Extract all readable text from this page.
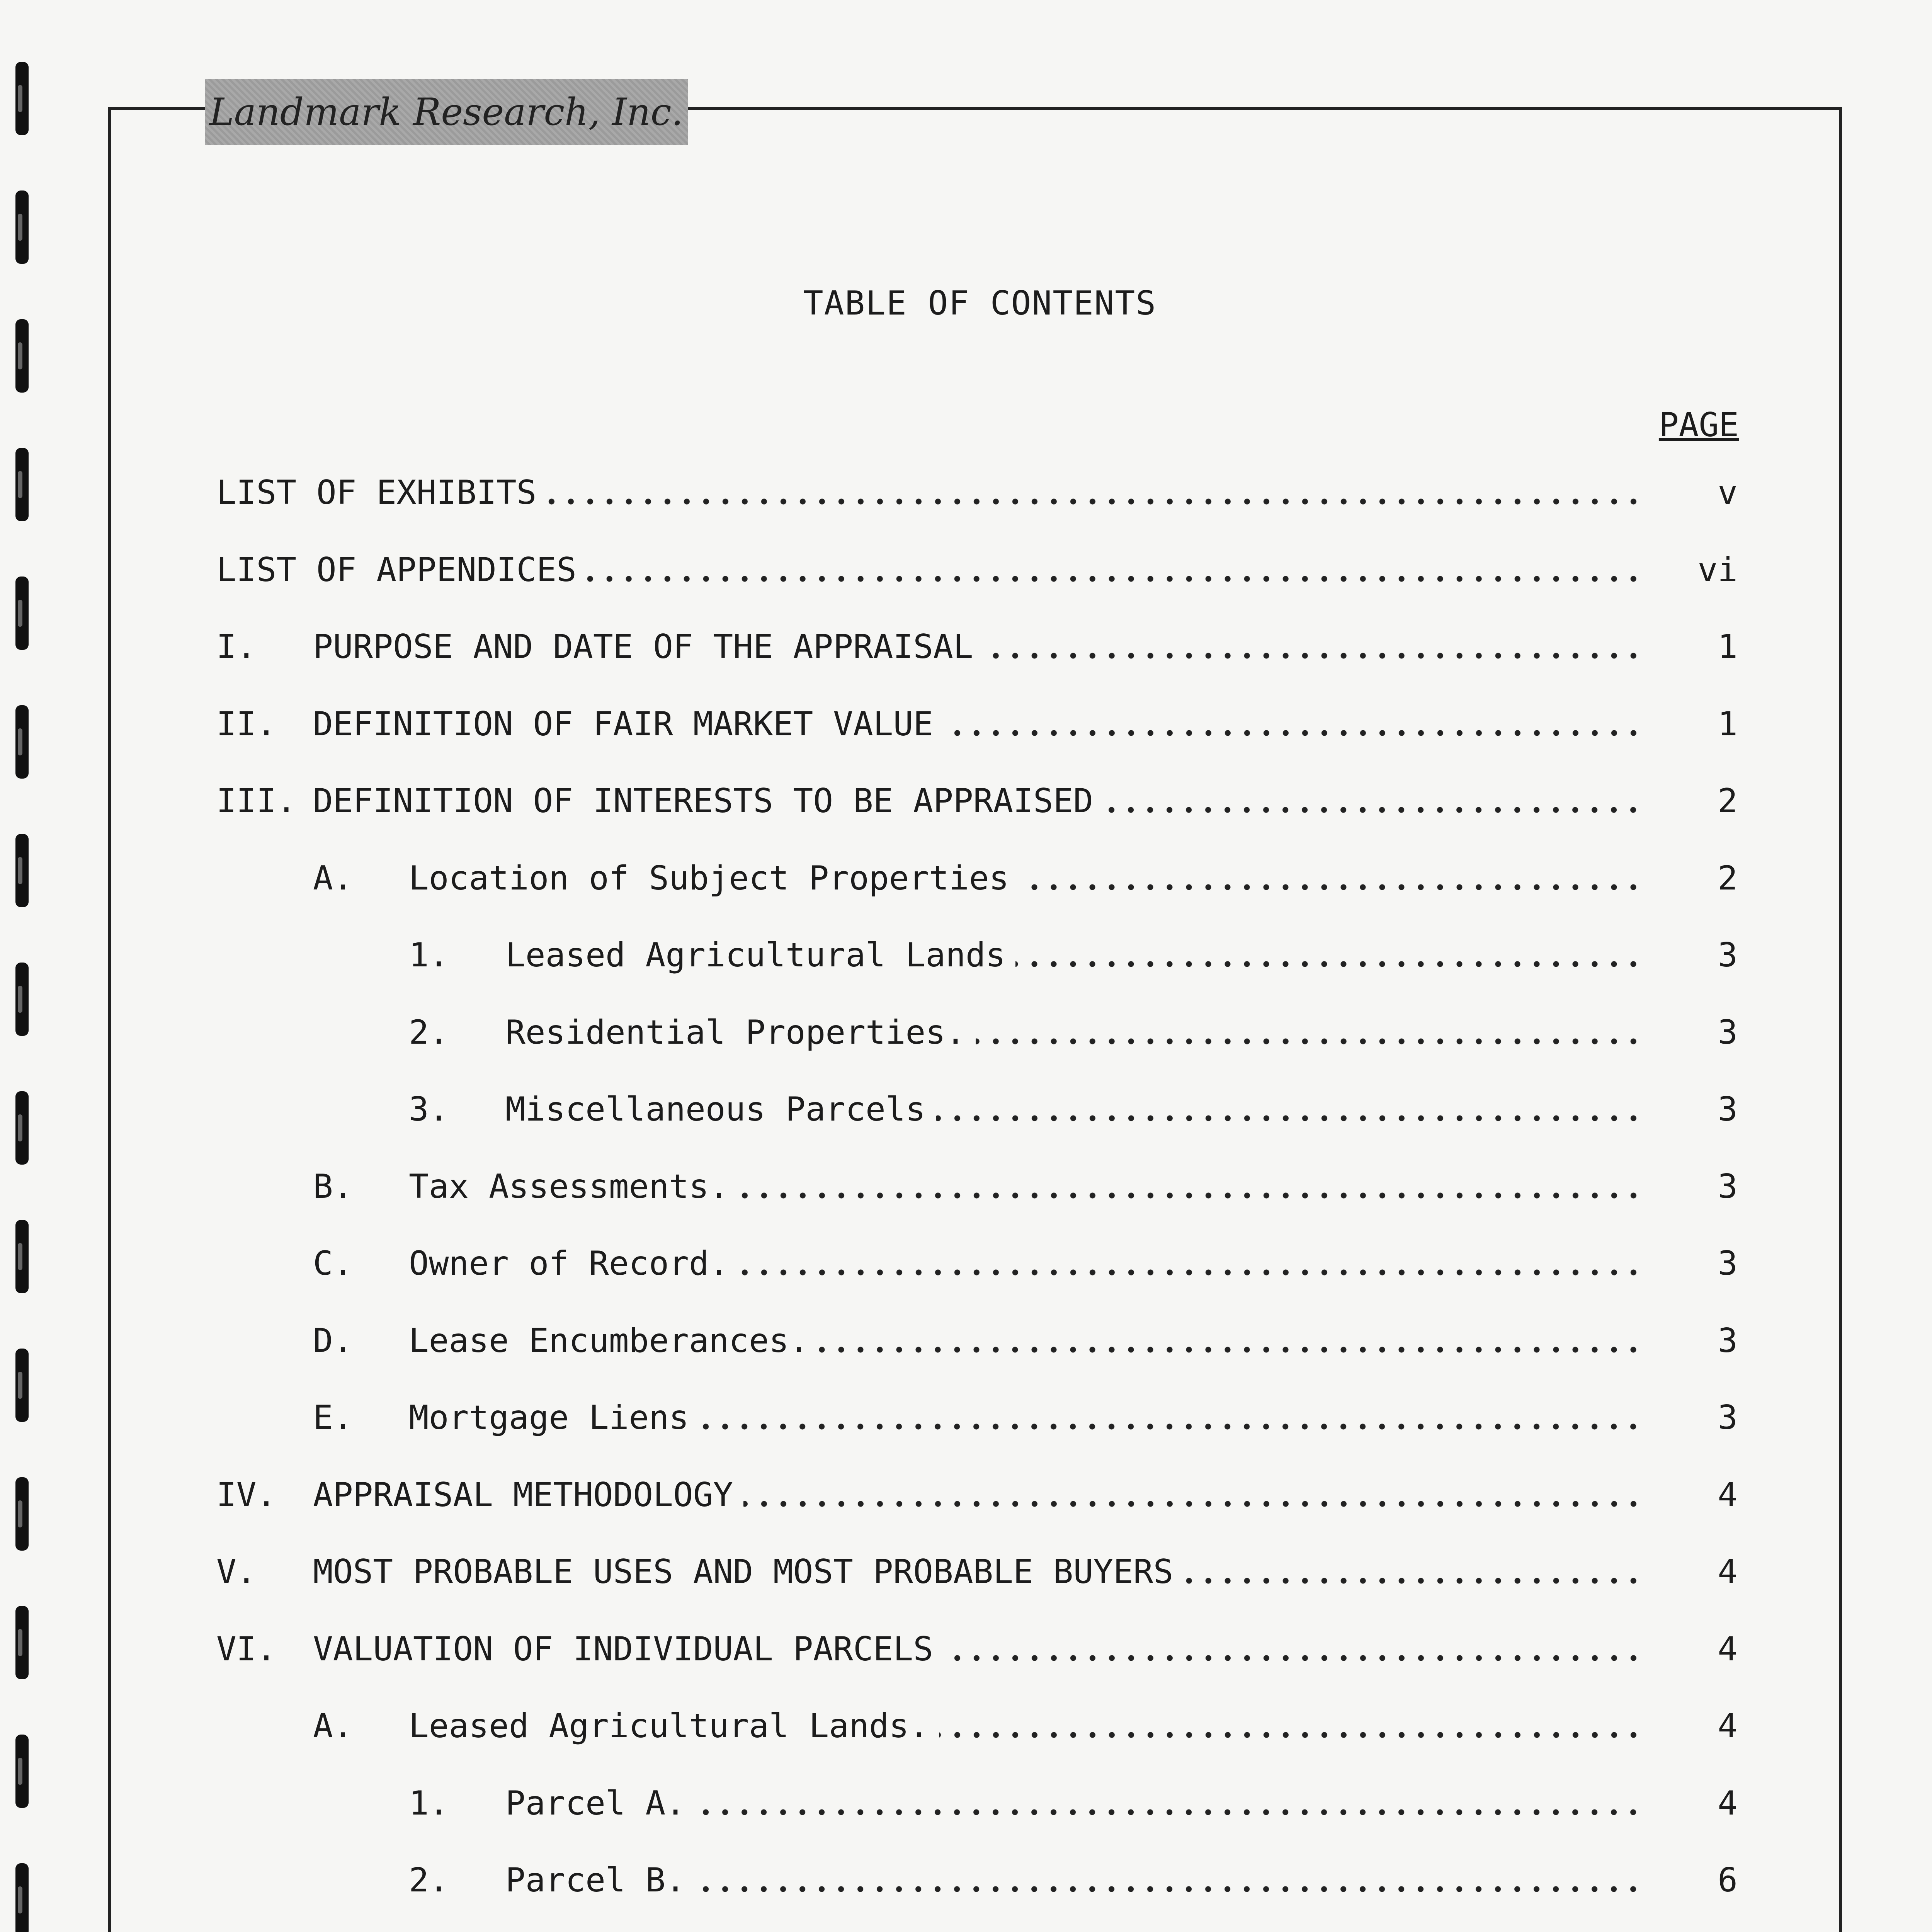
Landmark Research, Inc.
TABLE OF CONTENTS
PAGE
LIST OF EXHIBITS	v
LIST OF APPENDICES	vi
I. PURPOSE AND DATE OF THE APPRAISAL	1
II. DEFINITION OF FAIR MARKET VALUE	1
III. DEFINITION OF INTERESTS TO BE APPRAISED	2
A. Location of Subject Properties	2
1. Leased Agricultural Lands	3
2. Residential Properties.	3
3. Miscellaneous Parcels	3
B. Tax Assessments.	3
C. Owner of Record.	3
D. Lease Encumberances.	3
E. Mortgage Liens	3
IV. APPRAISAL METHODOLOGY	4
V. MOST PROBABLE USES AND MOST PROBABLE BUYERS	4
VI. VALUATION OF INDIVIDUAL PARCELS	4
A. Leased Agricultural Lands.	4
1. Parcel A.	4
2. Parcel B.	6
